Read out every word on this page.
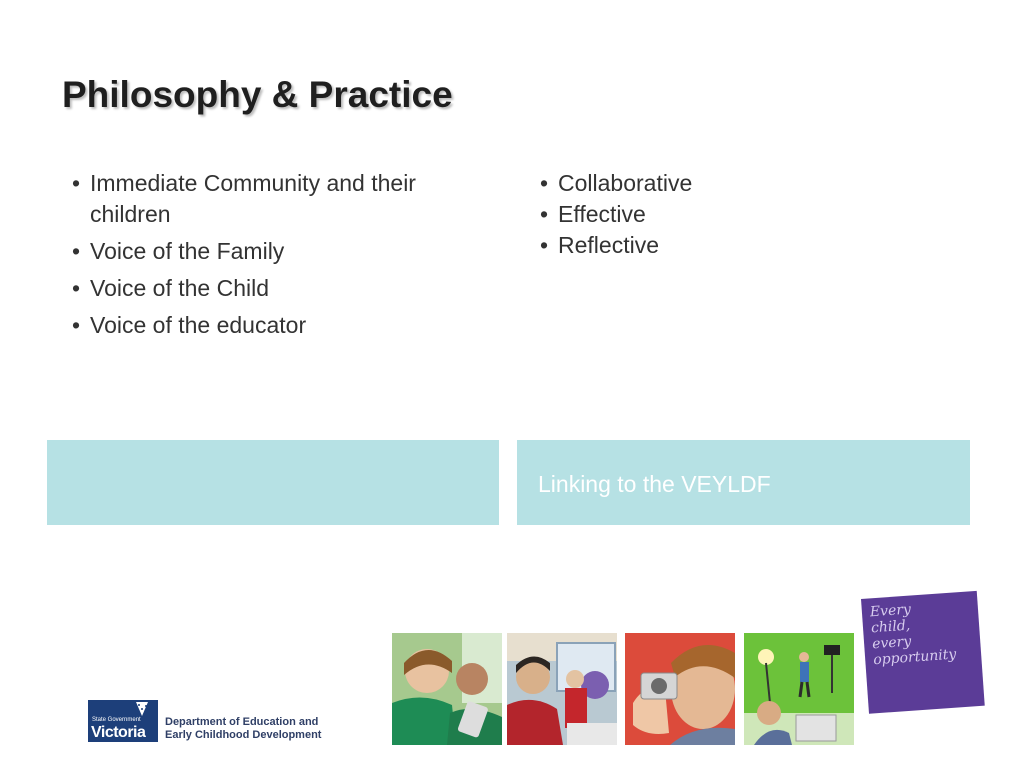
Philosophy & Practice
• Immediate Community and their children
• Voice of the Family
• Voice of the Child
• Voice of the educator
• Collaborative
• Effective
• Reflective
Linking to the VEYLDF
Every
child,
every
opportunity
State Government
Victoria
Department of Education and
Early Childhood Development
